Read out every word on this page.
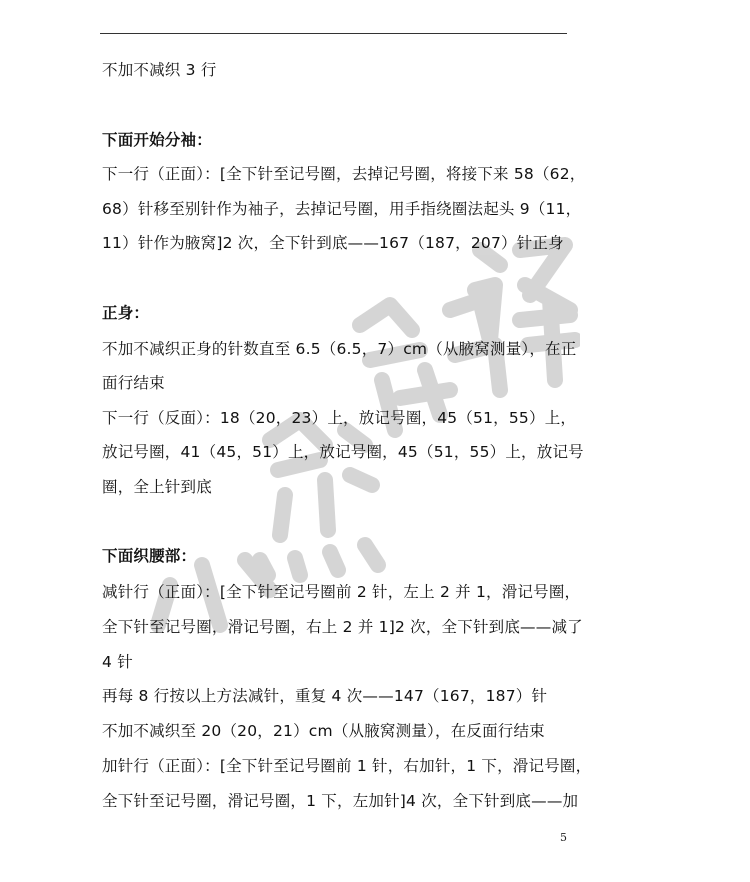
不加不减织 3 行
下面开始分袖：
下一行（正面）：[全下针至记号圈，去掉记号圈，将接下来 58（62，
68）针移至别针作为袖子，去掉记号圈，用手指绕圈法起头 9（11，
11）针作为腋窝]2 次，全下针到底——167（187，207）针正身
正身：
不加不减织正身的针数直至 6.5（6.5，7）cm（从腋窝测量），在正
面行结束
下一行（反面）：18（20，23）上，放记号圈，45（51，55）上，
放记号圈，41（45，51）上，放记号圈，45（51，55）上，放记号
圈，全上针到底
下面织腰部：
减针行（正面）：[全下针至记号圈前 2 针，左上 2 并 1，滑记号圈，
全下针至记号圈，滑记号圈，右上 2 并 1]2 次，全下针到底——减了
4 针
再每 8 行按以上方法减针，重复 4 次——147（167，187）针
不加不减织至 20（20，21）cm（从腋窝测量），在反面行结束
加针行（正面）：[全下针至记号圈前 1 针，右加针，1 下，滑记号圈，
全下针至记号圈，滑记号圈，1 下，左加针]4 次，全下针到底——加
5
